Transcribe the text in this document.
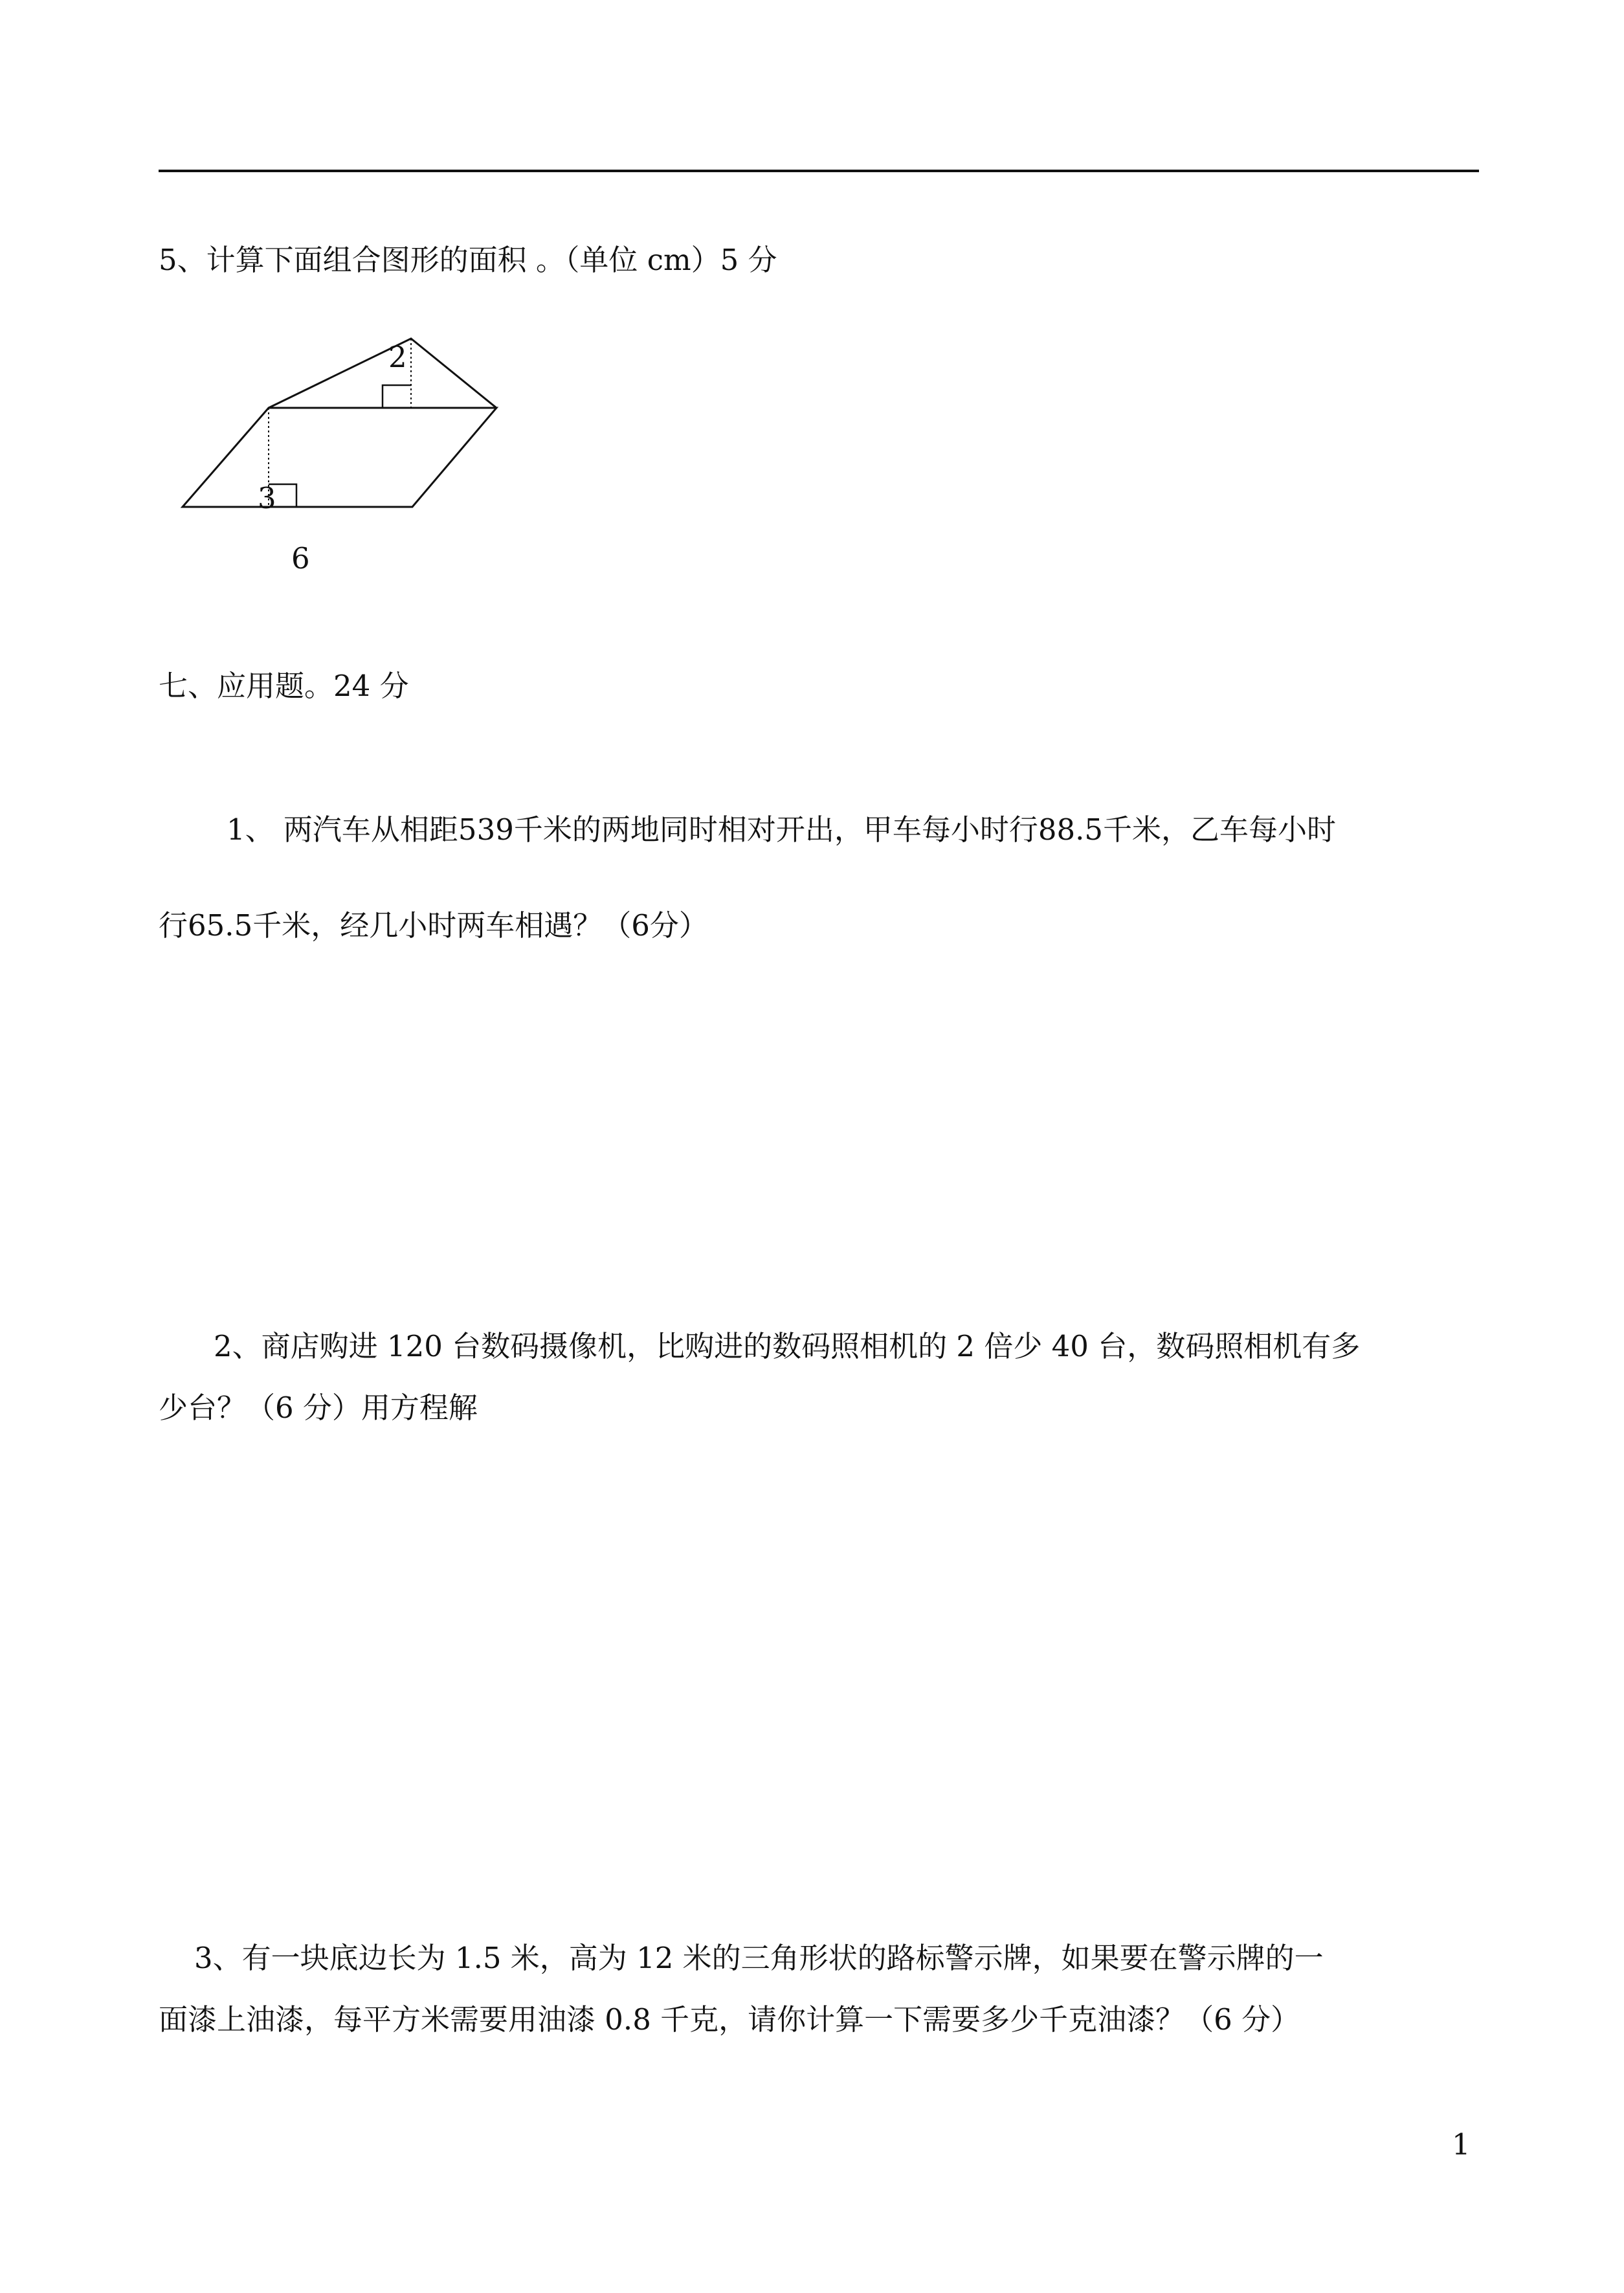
5、计算下面组合图形的面积 。（单位 cm）5 分
2
3
6
七、应用题。24 分
1、 两汽车从相距539千米的两地同时相对开出，甲车每小时行88.5千米，乙车每小时
行65.5千米，经几小时两车相遇？（6分）
2、商店购进 120 台数码摄像机，比购进的数码照相机的 2 倍少 40 台，数码照相机有多
少台？（6 分）用方程解
3、有一块底边长为 1.5 米，高为 12 米的三角形状的路标警示牌，如果要在警示牌的一
面漆上油漆，每平方米需要用油漆 0.8 千克，请你计算一下需要多少千克油漆？（6 分）
1
